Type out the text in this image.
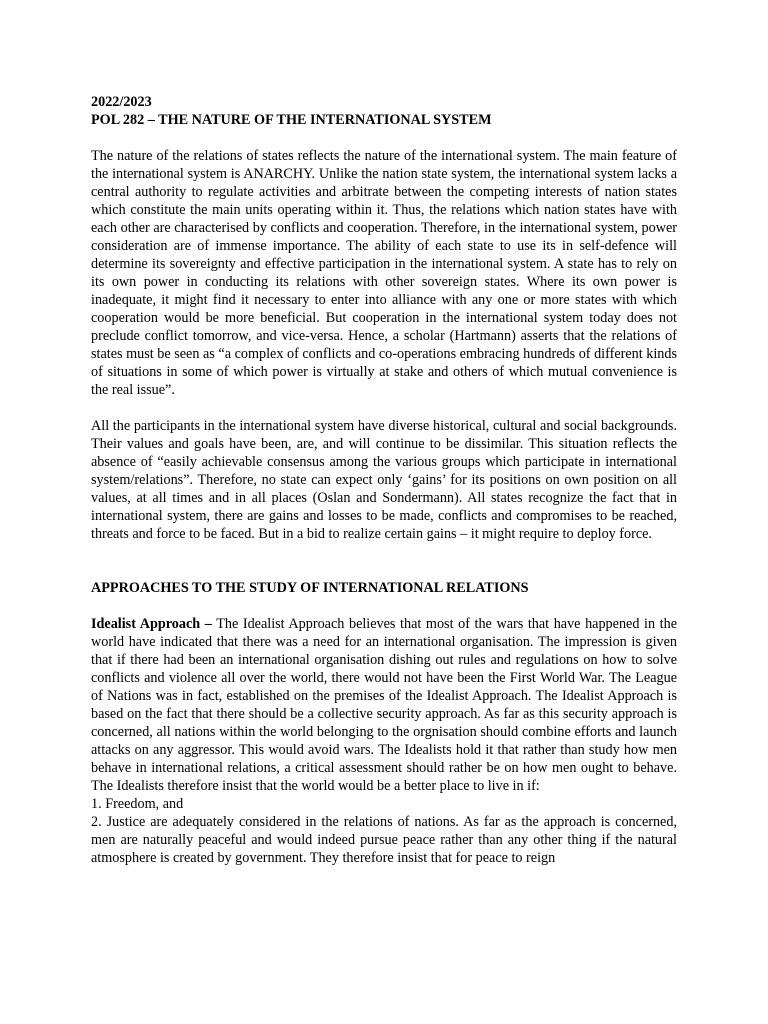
2022/2023
POL 282 – THE NATURE OF THE INTERNATIONAL SYSTEM

The nature of the relations of states reflects the nature of the international system. The main feature of the international system is ANARCHY. Unlike the nation state system, the international system lacks a central authority to regulate activities and arbitrate between the competing interests of nation states which constitute the main units operating within it. Thus, the relations which nation states have with each other are characterised by conflicts and cooperation. Therefore, in the international system, power consideration are of immense importance. The ability of each state to use its in self-defence will determine its sovereignty and effective participation in the international system. A state has to rely on its own power in conducting its relations with other sovereign states. Where its own power is inadequate, it might find it necessary to enter into alliance with any one or more states with which cooperation would be more beneficial. But cooperation in the international system today does not preclude conflict tomorrow, and vice-versa. Hence, a scholar (Hartmann) asserts that the relations of states must be seen as “a complex of conflicts and co-operations embracing hundreds of different kinds of situations in some of which power is virtually at stake and others of which mutual convenience is the real issue”.

All the participants in the international system have diverse historical, cultural and social backgrounds. Their values and goals have been, are, and will continue to be dissimilar. This situation reflects the absence of “easily achievable consensus among the various groups which participate in international system/relations”. Therefore, no state can expect only ‘gains’ for its positions on own position on all values, at all times and in all places (Oslan and Sondermann). All states recognize the fact that in international system, there are gains and losses to be made, conflicts and compromises to be reached, threats and force to be faced. But in a bid to realize certain gains – it might require to deploy force.

APPROACHES TO THE STUDY OF INTERNATIONAL RELATIONS

Idealist Approach – The Idealist Approach believes that most of the wars that have happened in the world have indicated that there was a need for an international organisation. The impression is given that if there had been an international organisation dishing out rules and regulations on how to solve conflicts and violence all over the world, there would not have been the First World War. The League of Nations was in fact, established on the premises of the Idealist Approach. The Idealist Approach is based on the fact that there should be a collective security approach. As far as this security approach is concerned, all nations within the world belonging to the orgnisation should combine efforts and launch attacks on any aggressor. This would avoid wars. The Idealists hold it that rather than study how men behave in international relations, a critical assessment should rather be on how men ought to behave. The Idealists therefore insist that the world would be a better place to live in if:

1. Freedom, and
2. Justice are adequately considered in the relations of nations. As far as the approach is concerned, men are naturally peaceful and would indeed pursue peace rather than any other thing if the natural atmosphere is created by government. They therefore insist that for peace to reign
